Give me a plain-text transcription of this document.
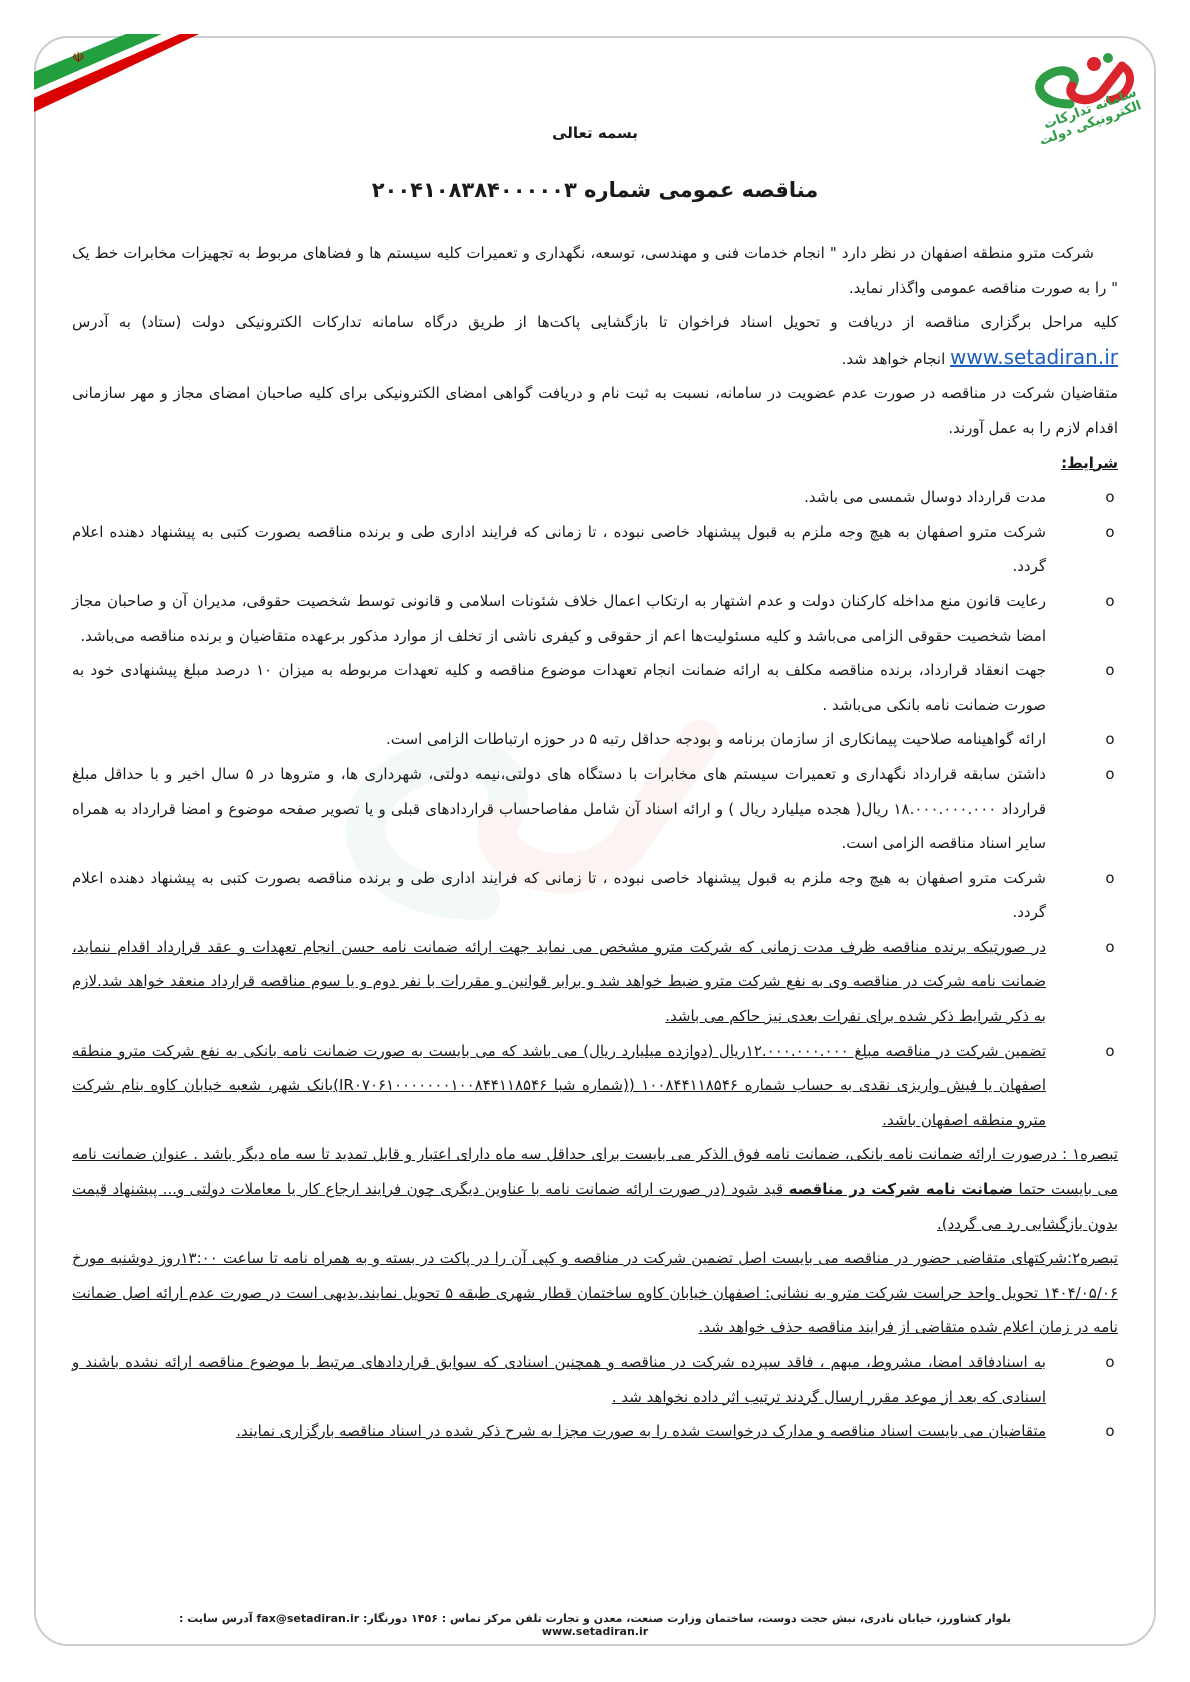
☫
سامانه تدارکات الکترونیکی دولت
بسمه تعالی
مناقصه عمومی شماره ۲۰۰۴۱۰۸۳۸۴۰۰۰۰۰۳

شرکت مترو منطقه اصفهان در نظر دارد " انجام خدمات فنی و مهندسی، توسعه، نگهداری و تعمیرات کلیه سیستم ها و فضاهای مربوط به تجهیزات مخابرات خط یک " را به صورت مناقصه عمومی واگذار نماید.

کلیه مراحل برگزاری مناقصه از دریافت و تحویل اسناد فراخوان تا بازگشایی پاکت‌ها از طریق درگاه سامانه تدارکات الکترونیکی دولت (ستاد) به آدرس www.setadiran.ir انجام خواهد شد.

متقاضیان شرکت در مناقصه در صورت عدم عضویت در سامانه، نسبت به ثبت نام و دریافت گواهی امضای الکترونیکی برای کلیه صاحبان امضای مجاز و مهر سازمانی اقدام لازم را به عمل آورند.

شرایط:

o
مدت قرارداد دوسال شمسی می باشد.

o
شرکت مترو اصفهان به هیچ وجه ملزم به قبول پیشنهاد خاصی نبوده ، تا زمانی که فرایند اداری طی و برنده مناقصه بصورت کتبی به پیشنهاد دهنده اعلام گردد.

o
رعایت قانون منع مداخله کارکنان دولت و عدم اشتهار به ارتکاب اعمال خلاف شئونات اسلامی و قانونی توسط شخصیت حقوقی، مدیران آن و صاحبان مجاز امضا شخصیت حقوقی الزامی می‌باشد و کلیه مسئولیت‌ها اعم از حقوقی و کیفری ناشی از تخلف از موارد مذکور برعهده متقاضیان و برنده مناقصه می‌باشد.

o
جهت انعقاد قرارداد، برنده مناقصه مکلف به ارائه ضمانت انجام تعهدات موضوع مناقصه و کلیه تعهدات مربوطه به میزان ۱۰ درصد مبلغ پیشنهادی خود به صورت ضمانت نامه بانکی می‌باشد .

o
ارائه گواهینامه صلاحیت پیمانکاری از سازمان برنامه و بودجه حداقل رتبه ۵ در حوزه ارتباطات الزامی است.

o
داشتن سابقه قرارداد نگهداری و تعمیرات سیستم های مخابرات با دستگاه های دولتی،نیمه دولتی، شهرداری ها، و متروها در ۵ سال اخیر و با حداقل مبلغ قرارداد ۱۸.۰۰۰.۰۰۰.۰۰۰ ریال( هجده میلیارد ریال ) و ارائه اسناد آن شامل مفاصاحساب قراردادهای قبلی و یا تصویر صفحه موضوع و امضا قرارداد به همراه سایر اسناد مناقصه الزامی است.

o
شرکت مترو اصفهان به هیچ وجه ملزم به قبول پیشنهاد خاصی نبوده ، تا زمانی که فرایند اداری طی و برنده مناقصه بصورت کتبی به پیشنهاد دهنده اعلام گردد.

o
در صورتیکه برنده مناقصه ظرف مدت زمانی که شرکت مترو مشخص می نماید جهت ارائه ضمانت نامه حسن انجام تعهدات و عقد قرارداد اقدام ننماید، ضمانت نامه شرکت در مناقصه وی به نفع شرکت مترو ضبط خواهد شد و برابر قوانین و مقررات با نفر دوم و یا سوم مناقصه قرارداد منعقد خواهد شد.لازم به ذکر شرایط ذکر شده برای نفرات بعدی نیز حاکم می باشد.

o
تضمین شرکت در مناقصه مبلغ ۱۲.۰۰۰.۰۰۰.۰۰۰ریال (دوازده میلیارد ریال) می باشد که می بایست به صورت ضمانت نامه بانکی به نفع شرکت مترو منطقه اصفهان یا فیش واریزی نقدی به حساب شماره ۱۰۰۸۴۴۱۱۸۵۴۶ ((شماره شبا IR۰۷۰۶۱۰۰۰۰۰۰۰۱۰۰۸۴۴۱۱۸۵۴۶)بانک شهر، شعبه خیابان کاوه بنام شرکت مترو منطقه اصفهان باشد.

تبصره۱ : درصورت ارائه ضمانت نامه بانکی، ضمانت نامه فوق الذکر می بایست برای حداقل سه ماه دارای اعتبار و قابل تمدید تا سه ماه دیگر باشد . عنوان ضمانت نامه می بایست حتما ضمانت نامه شرکت در مناقصه قید شود (در صورت ارائه ضمانت نامه با عناوین دیگری چون فرایند ارجاع کار یا معاملات دولتی و... پیشنهاد قیمت بدون بازگشایی رد می گردد).

تبصره۲:شرکتهای متقاضی حضور در مناقصه می بایست اصل تضمین شرکت در مناقصه و کپی آن را در پاکت در بسته و به همراه نامه تا ساعت ۱۳:۰۰روز دوشنبه مورخ ۱۴۰۴/۰۵/۰۶ تحویل واحد حراست شرکت مترو به نشانی: اصفهان خیابان کاوه ساختمان قطار شهری طبقه ۵ تحویل نمایند.بدیهی است در صورت عدم ارائه اصل ضمانت نامه در زمان اعلام شده متقاضی از فرایند مناقصه حذف خواهد شد.

o
به اسنادفاقد امضا، مشروط، مبهم ، فاقد سپرده شرکت در مناقصه و همچنین اسنادی که سوابق قراردادهای مرتبط با موضوع مناقصه ارائه نشده باشند و اسنادی که بعد از موعد مقرر ارسال گردند ترتیب اثر داده نخواهد شد .

o
متقاضیان می بایست اسناد مناقصه و مدارک درخواست شده را به صورت مجزا به شرح ذکر شده در اسناد مناقصه بارگزاری نمایند.

بلوار کشاورز، خیابان نادری، نبش حجت دوست، ساختمان وزارت صنعت، معدن و تجارت تلفن مرکز تماس : ۱۴۵۶ دورنگار: fax@setadiran.ir آدرس سایت : www.setadiran.ir
